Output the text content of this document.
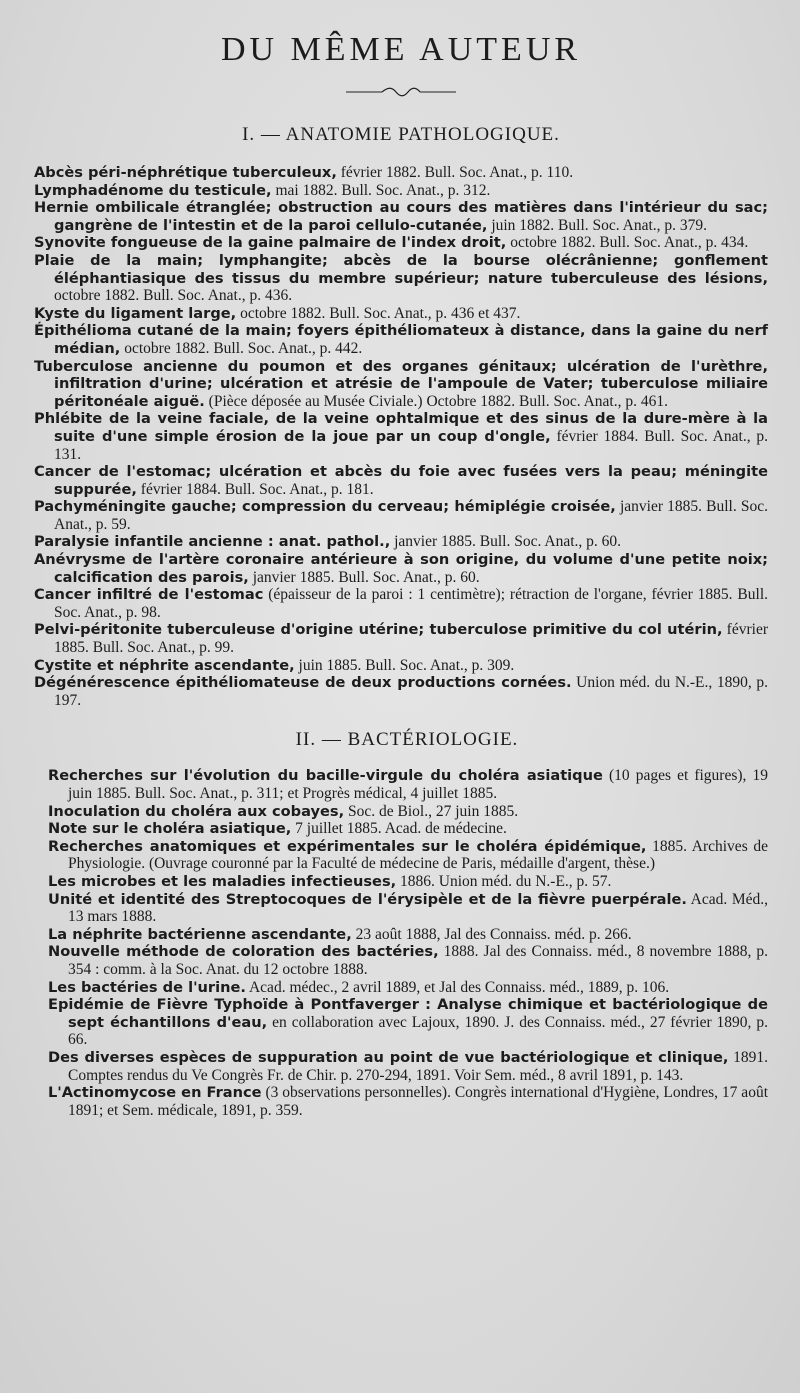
DU MÊME AUTEUR
I. — ANATOMIE PATHOLOGIQUE.

Abcès péri-néphrétique tuberculeux, février 1882. Bull. Soc. Anat., p. 110.

Lymphadénome du testicule, mai 1882. Bull. Soc. Anat., p. 312.

Hernie ombilicale étranglée; obstruction au cours des matières dans l'intérieur du sac; gangrène de l'intestin et de la paroi cellulo-cutanée, juin 1882. Bull. Soc. Anat., p. 379.

Synovite fongueuse de la gaine palmaire de l'index droit, octobre 1882. Bull. Soc. Anat., p. 434.

Plaie de la main; lymphangite; abcès de la bourse olécrânienne; gonflement éléphantiasique des tissus du membre supérieur; nature tuberculeuse des lésions, octobre 1882. Bull. Soc. Anat., p. 436.

Kyste du ligament large, octobre 1882. Bull. Soc. Anat., p. 436 et 437.

Épithélioma cutané de la main; foyers épithéliomateux à distance, dans la gaine du nerf médian, octobre 1882. Bull. Soc. Anat., p. 442.

Tuberculose ancienne du poumon et des organes génitaux; ulcération de l'urèthre, infiltration d'urine; ulcération et atrésie de l'ampoule de Vater; tuberculose miliaire péritonéale aiguë. (Pièce déposée au Musée Civiale.) Octobre 1882. Bull. Soc. Anat., p. 461.

Phlébite de la veine faciale, de la veine ophtalmique et des sinus de la dure-mère à la suite d'une simple érosion de la joue par un coup d'ongle, février 1884. Bull. Soc. Anat., p. 131.

Cancer de l'estomac; ulcération et abcès du foie avec fusées vers la peau; méningite suppurée, février 1884. Bull. Soc. Anat., p. 181.

Pachyméningite gauche; compression du cerveau; hémiplégie croisée, janvier 1885. Bull. Soc. Anat., p. 59.

Paralysie infantile ancienne : anat. pathol., janvier 1885. Bull. Soc. Anat., p. 60.

Anévrysme de l'artère coronaire antérieure à son origine, du volume d'une petite noix; calcification des parois, janvier 1885. Bull. Soc. Anat., p. 60.

Cancer infiltré de l'estomac (épaisseur de la paroi : 1 centimètre); rétraction de l'organe, février 1885. Bull. Soc. Anat., p. 98.

Pelvi-péritonite tuberculeuse d'origine utérine; tuberculose primitive du col utérin, février 1885. Bull. Soc. Anat., p. 99.

Cystite et néphrite ascendante, juin 1885. Bull. Soc. Anat., p. 309.

Dégénérescence épithéliomateuse de deux productions cornées. Union méd. du N.-E., 1890, p. 197.

II. — BACTÉRIOLOGIE.

Recherches sur l'évolution du bacille-virgule du choléra asiatique (10 pages et figures), 19 juin 1885. Bull. Soc. Anat., p. 311; et Progrès médical, 4 juillet 1885.

Inoculation du choléra aux cobayes, Soc. de Biol., 27 juin 1885.

Note sur le choléra asiatique, 7 juillet 1885. Acad. de médecine.

Recherches anatomiques et expérimentales sur le choléra épidémique, 1885. Archives de Physiologie. (Ouvrage couronné par la Faculté de médecine de Paris, médaille d'argent, thèse.)

Les microbes et les maladies infectieuses, 1886. Union méd. du N.-E., p. 57.

Unité et identité des Streptocoques de l'érysipèle et de la fièvre puerpérale. Acad. Méd., 13 mars 1888.

La néphrite bactérienne ascendante, 23 août 1888, Jal des Connaiss. méd. p. 266.

Nouvelle méthode de coloration des bactéries, 1888. Jal des Connaiss. méd., 8 novembre 1888, p. 354 : comm. à la Soc. Anat. du 12 octobre 1888.

Les bactéries de l'urine. Acad. médec., 2 avril 1889, et Jal des Connaiss. méd., 1889, p. 106.

Epidémie de Fièvre Typhoïde à Pontfaverger : Analyse chimique et bactériologique de sept échantillons d'eau, en collaboration avec Lajoux, 1890. J. des Connaiss. méd., 27 février 1890, p. 66.

Des diverses espèces de suppuration au point de vue bactériologique et clinique, 1891. Comptes rendus du Ve Congrès Fr. de Chir. p. 270-294, 1891. Voir Sem. méd., 8 avril 1891, p. 143.

L'Actinomycose en France (3 observations personnelles). Congrès international d'Hygiène, Londres, 17 août 1891; et Sem. médicale, 1891, p. 359.
